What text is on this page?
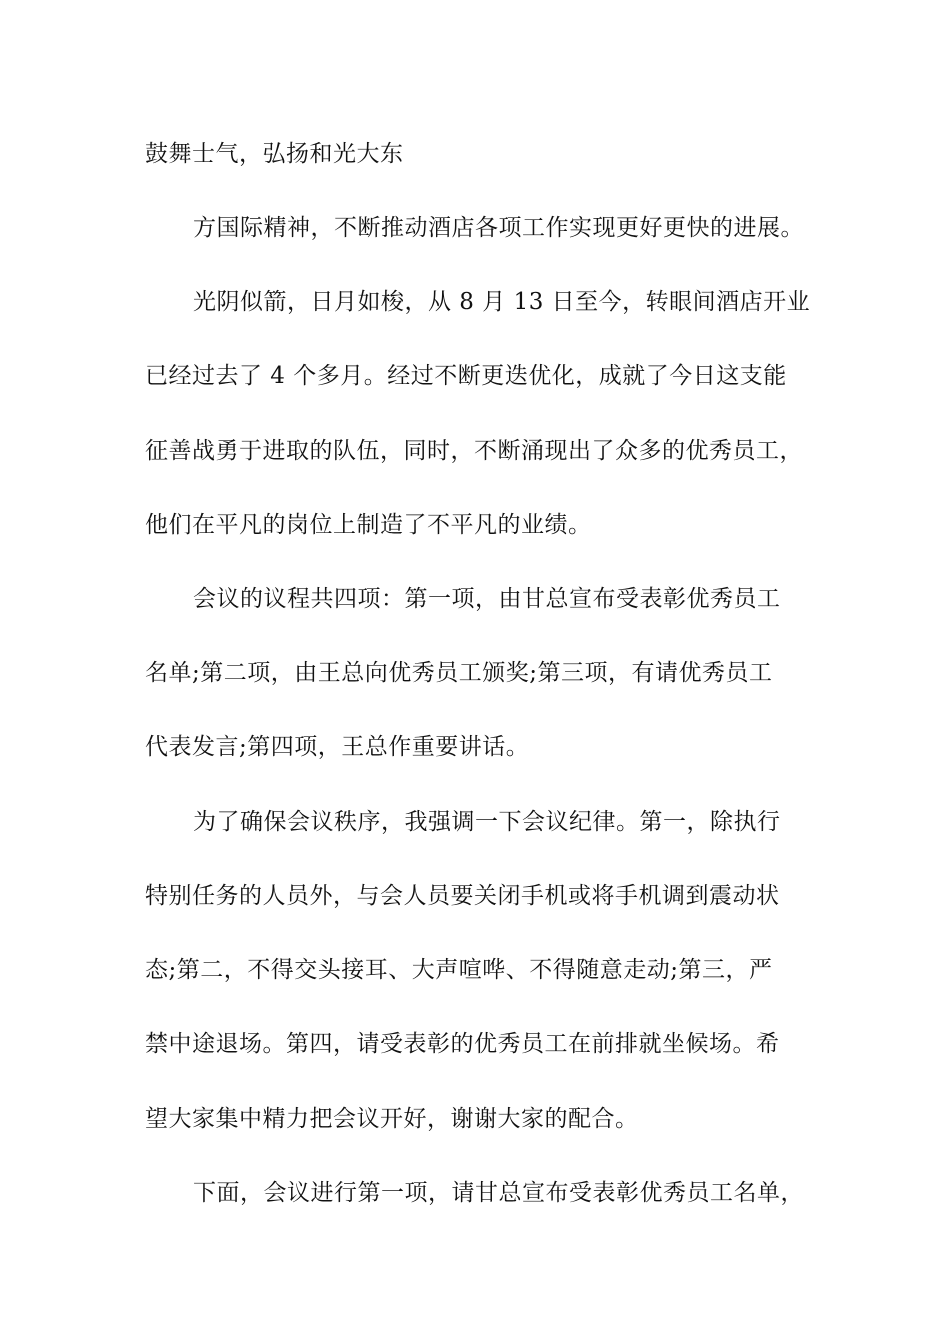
鼓舞士气，弘扬和光大东
方国际精神，不断推动酒店各项工作实现更好更快的进展。
光阴似箭，日月如梭，从 8 月 13 日至今，转眼间酒店开业
已经过去了 4 个多月。经过不断更迭优化，成就了今日这支能
征善战勇于进取的队伍，同时，不断涌现出了众多的优秀员工，
他们在平凡的岗位上制造了不平凡的业绩。
会议的议程共四项：第一项，由甘总宣布受表彰优秀员工
名单;第二项，由王总向优秀员工颁奖;第三项，有请优秀员工
代表发言;第四项，王总作重要讲话。
为了确保会议秩序，我强调一下会议纪律。第一，除执行
特别任务的人员外，与会人员要关闭手机或将手机调到震动状
态;第二，不得交头接耳、大声喧哗、不得随意走动;第三，严
禁中途退场。第四，请受表彰的优秀员工在前排就坐候场。希
望大家集中精力把会议开好，谢谢大家的配合。
下面，会议进行第一项，请甘总宣布受表彰优秀员工名单，
